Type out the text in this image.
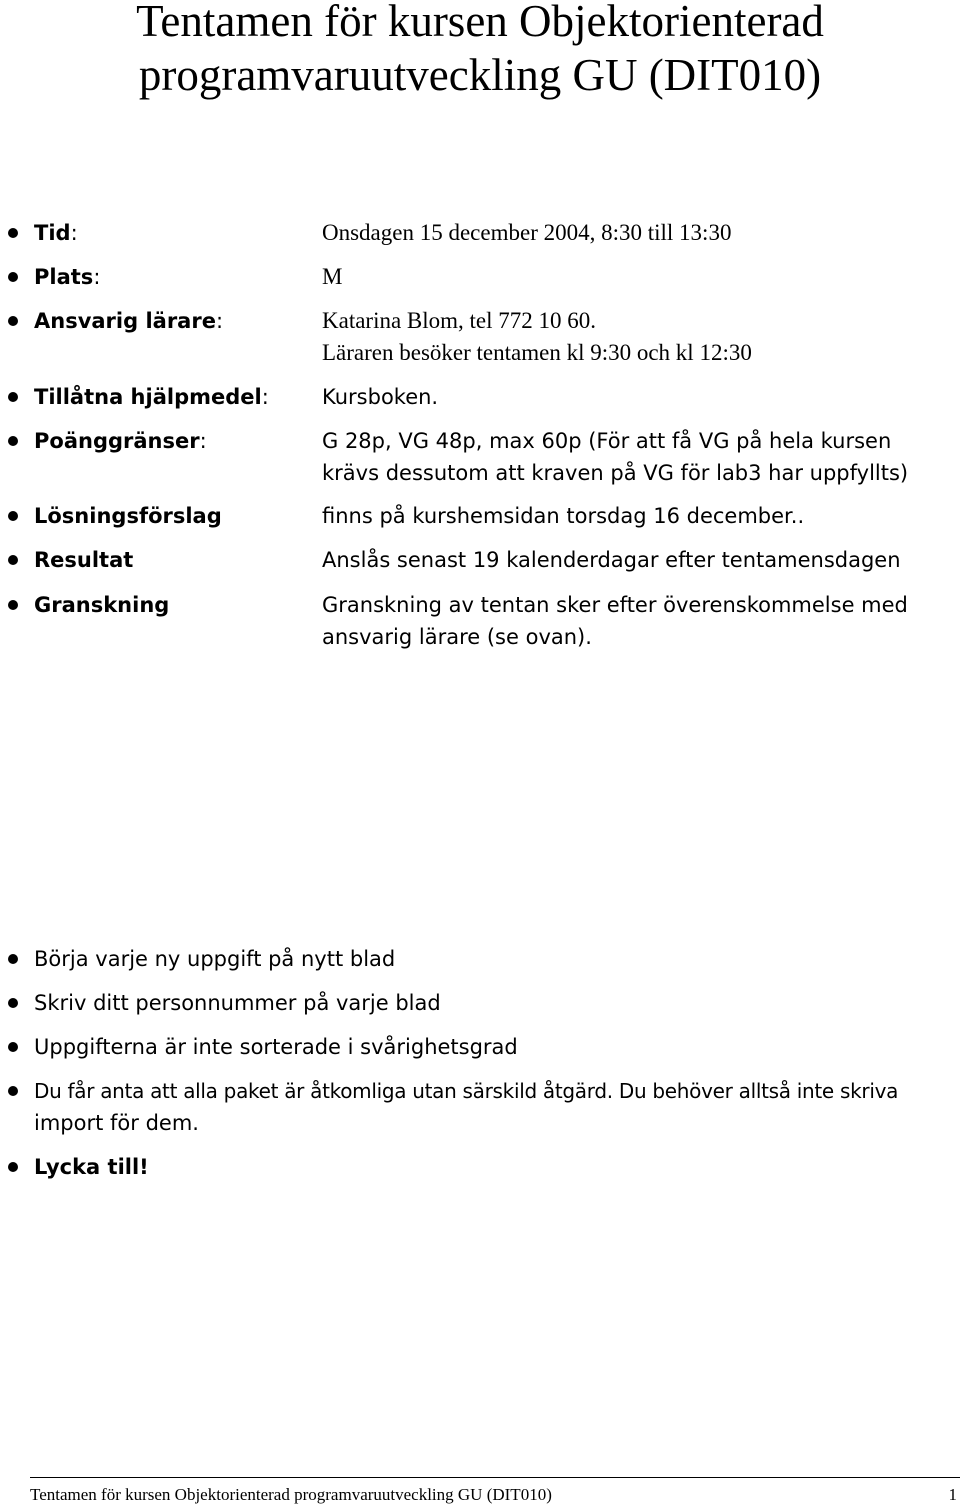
Tentamen för kursen Objektorienterad
programvaruutveckling GU (DIT010)
Tid:	Onsdagen 15 december 2004, 8:30 till 13:30
Plats:	M
Ansvarig lärare:	Katarina Blom, tel 772 10 60.
Läraren besöker tentamen kl 9:30 och kl 12:30
Tillåtna hjälpmedel:	Kursboken.
Poänggränser:	G 28p, VG 48p, max 60p (För att få VG på hela kursen
krävs dessutom att kraven på VG för lab3 har uppfyllts)
Lösningsförslag	finns på kurshemsidan torsdag 16 december..
Resultat	Anslås senast 19 kalenderdagar efter tentamensdagen
Granskning	Granskning av tentan sker efter överenskommelse med
ansvarig lärare (se ovan).
Börja varje ny uppgift på nytt blad
Skriv ditt personnummer på varje blad
Uppgifterna är inte sorterade i svårighetsgrad
Du får anta att alla paket är åtkomliga utan särskild åtgärd. Du behöver alltså inte skriva
import för dem.
Lycka till!
Tentamen för kursen Objektorienterad programvaruutveckling GU (DIT010)	1
